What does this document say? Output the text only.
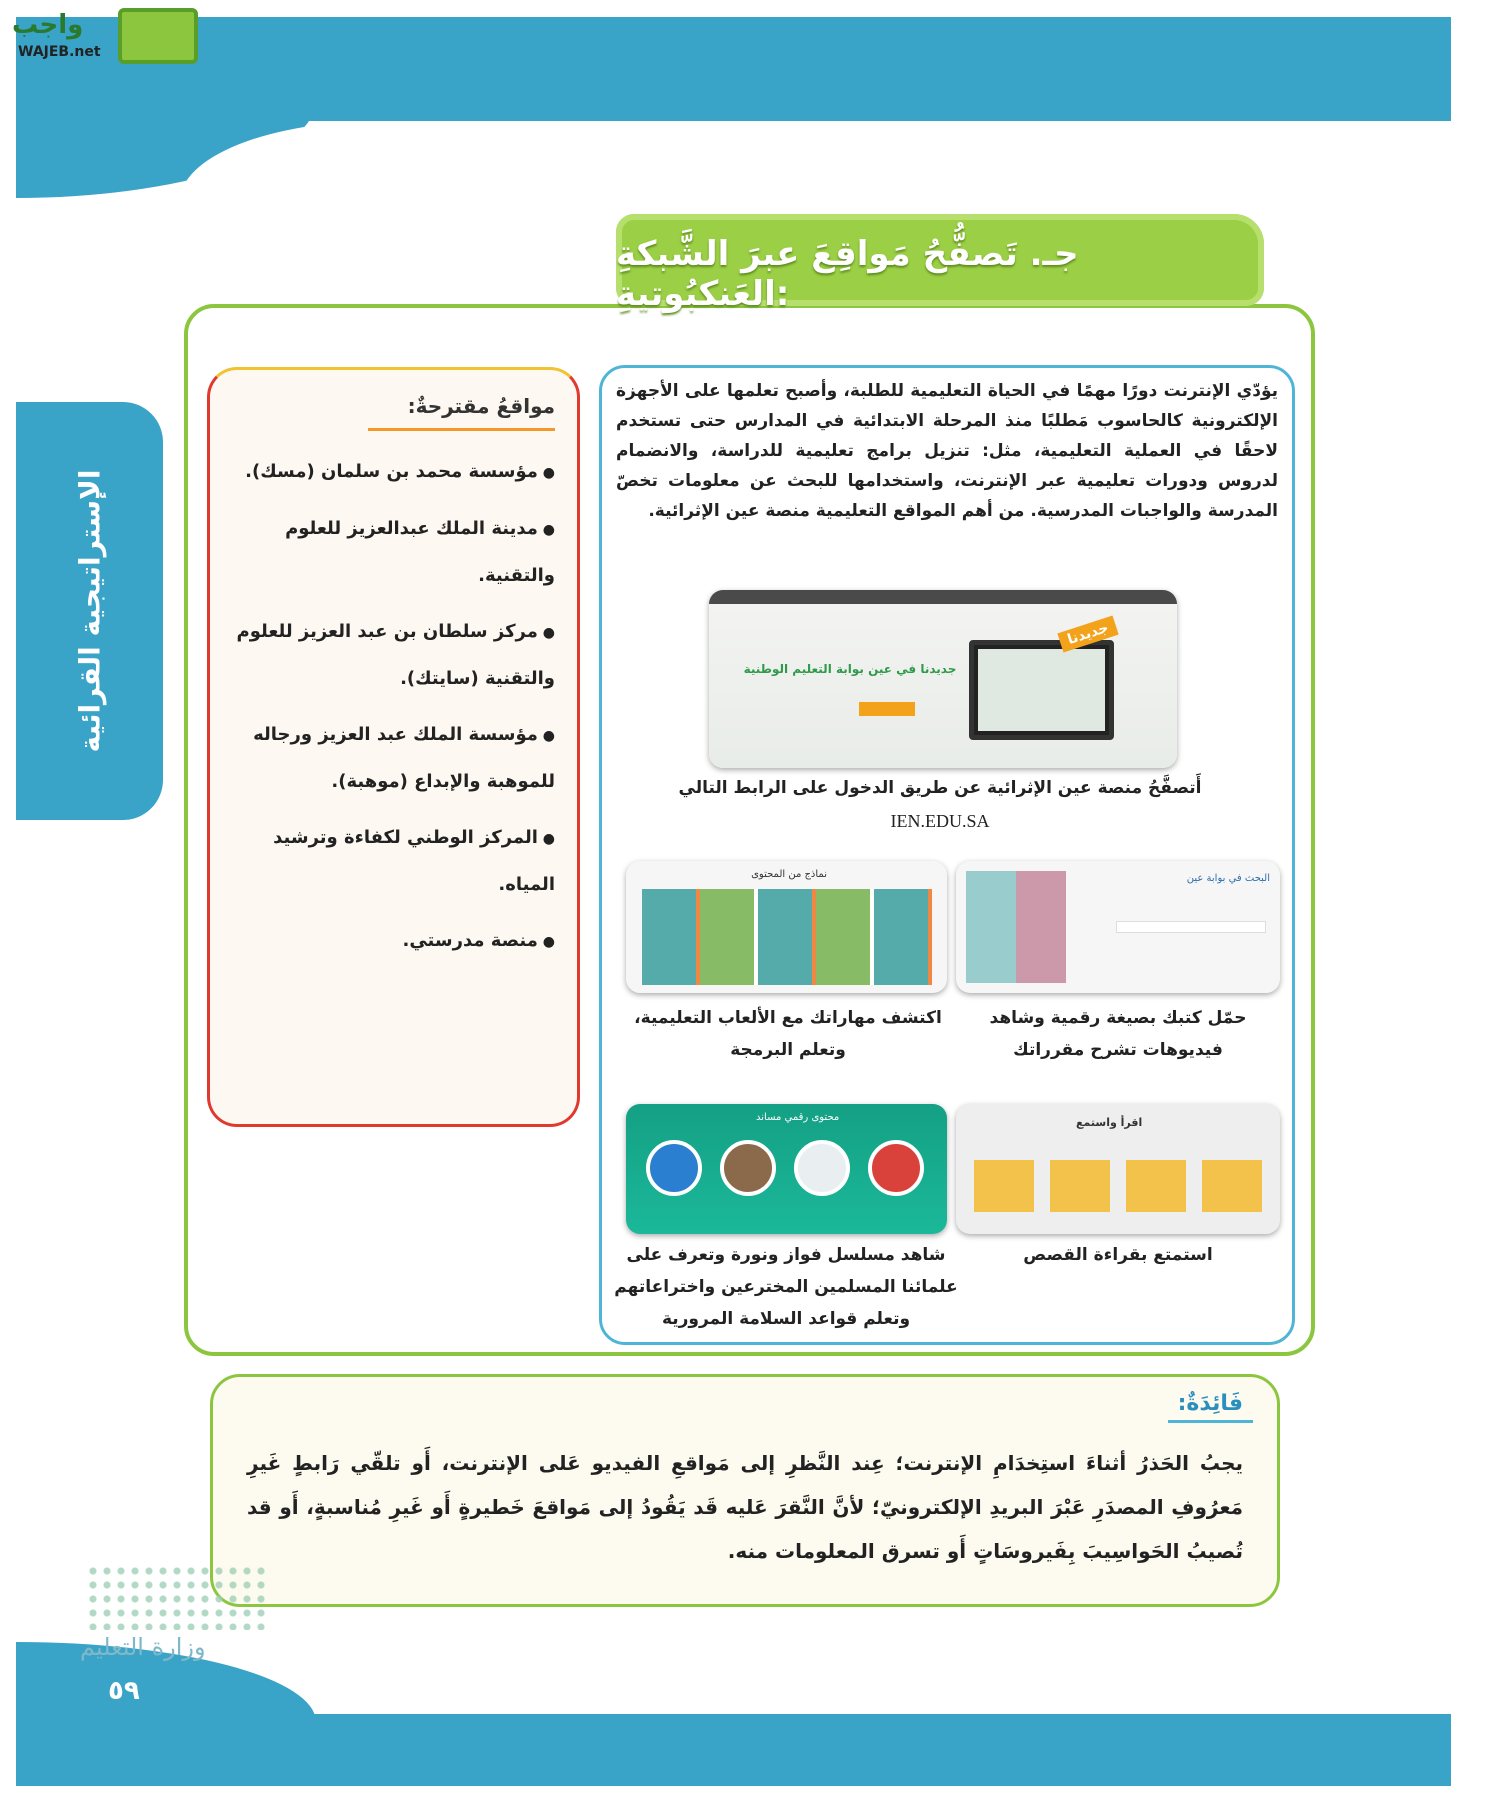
واجب
WAJEB.net
جـ. تَصفُّحُ مَواقِعَ عبرَ الشَّبكةِ العَنكبُوتيةِ:
الإستراتيجية القرائية
مواقعُ مقترحةٌ:
● مؤسسة محمد بن سلمان (مسك).
● مدينة الملك عبدالعزيز للعلوم والتقنية.
● مركز سلطان بن عبد العزيز للعلوم والتقنية (سايتك).
● مؤسسة الملك عبد العزيز ورجاله للموهبة والإبداع (موهبة).
● المركز الوطني لكفاءة وترشيد المياه.
● منصة مدرستي.

يؤدّي الإنترنت دورًا مهمًا في الحياة التعليمية للطلبة، وأصبح تعلمها على الأجهزة الإلكترونية كالحاسوب مَطلبًا منذ المرحلة الابتدائية في المدارس حتى تستخدم لاحقًا في العملية التعليمية، مثل: تنزيل برامج تعليمية للدراسة، والانضمام لدروس ودورات تعليمية عبر الإنترنت، واستخدامها للبحث عن معلومات تخصّ المدرسة والواجبات المدرسية. من أهم المواقع التعليمية منصة عين الإثرائية.

جديدنا في عين بوابة التعليم الوطنية
جديدنا
أَتصفَّحُ منصة عين الإثرائية عن طريق الدخول على الرابط التالي
IEN.EDU.SA
البحث في بوابة عين
نماذج من المحتوى
حمّل كتبك بصيغة رقمية وشاهد فيديوهات تشرح مقرراتك
اكتشف مهاراتك مع الألعاب التعليمية، وتعلم البرمجة
اقرأ واستمع
محتوى رقمي مساند
استمتع بقراءة القصص
شاهد مسلسل فواز ونورة وتعرف على علمائنا المسلمين المخترعين واختراعاتهم وتعلم قواعد السلامة المرورية
فَائِدَةٌ:

يجبُ الحَذرُ أثناءَ استِخدَامِ الإنترنت؛ عِند النَّظرِ إلى مَواقعِ الفيديو عَلى الإنترنت، أَو تلقّي رَابطٍ غَيرِ مَعرُوفِ المصدَرِ عَبْرَ البريدِ الإلكترونيّ؛ لأنَّ النَّقرَ عَليه قَد يَقُودُ إلى مَواقعَ خَطيرةٍ أَو غَيرِ مُناسبةٍ، أَو قد تُصيبُ الحَواسِيبَ بِفَيروسَاتٍ أَو تسرق المعلومات منه.

وزارة التعليم
٥٩
